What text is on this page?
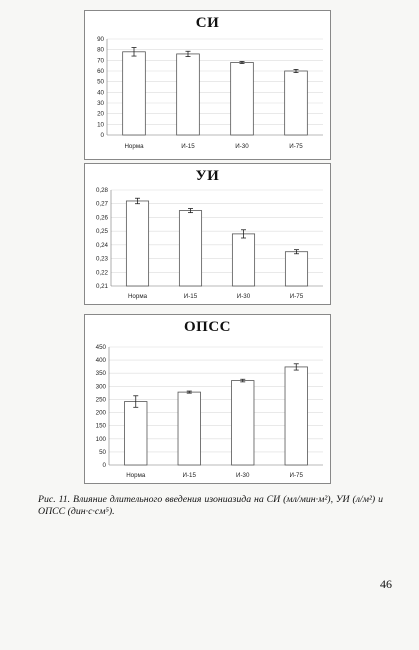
СИ
0
10
20
30
40
50
60
70
80
90
Норма	И-15	И-30	И-75
УИ
0,21
0,22
0,23
0,24
0,25
0,26
0,27
0,28
Норма	И-15	И-30	И-75
ОПСС
0
50
100
150
200
250
300
350
400
450
Норма	И-15	И-30	И-75
Рис. 11. Влияние длительного введения изониазида на СИ (мл/мин·м²), УИ (л/м²) и ОПСС (дин·с·см⁵).
46
